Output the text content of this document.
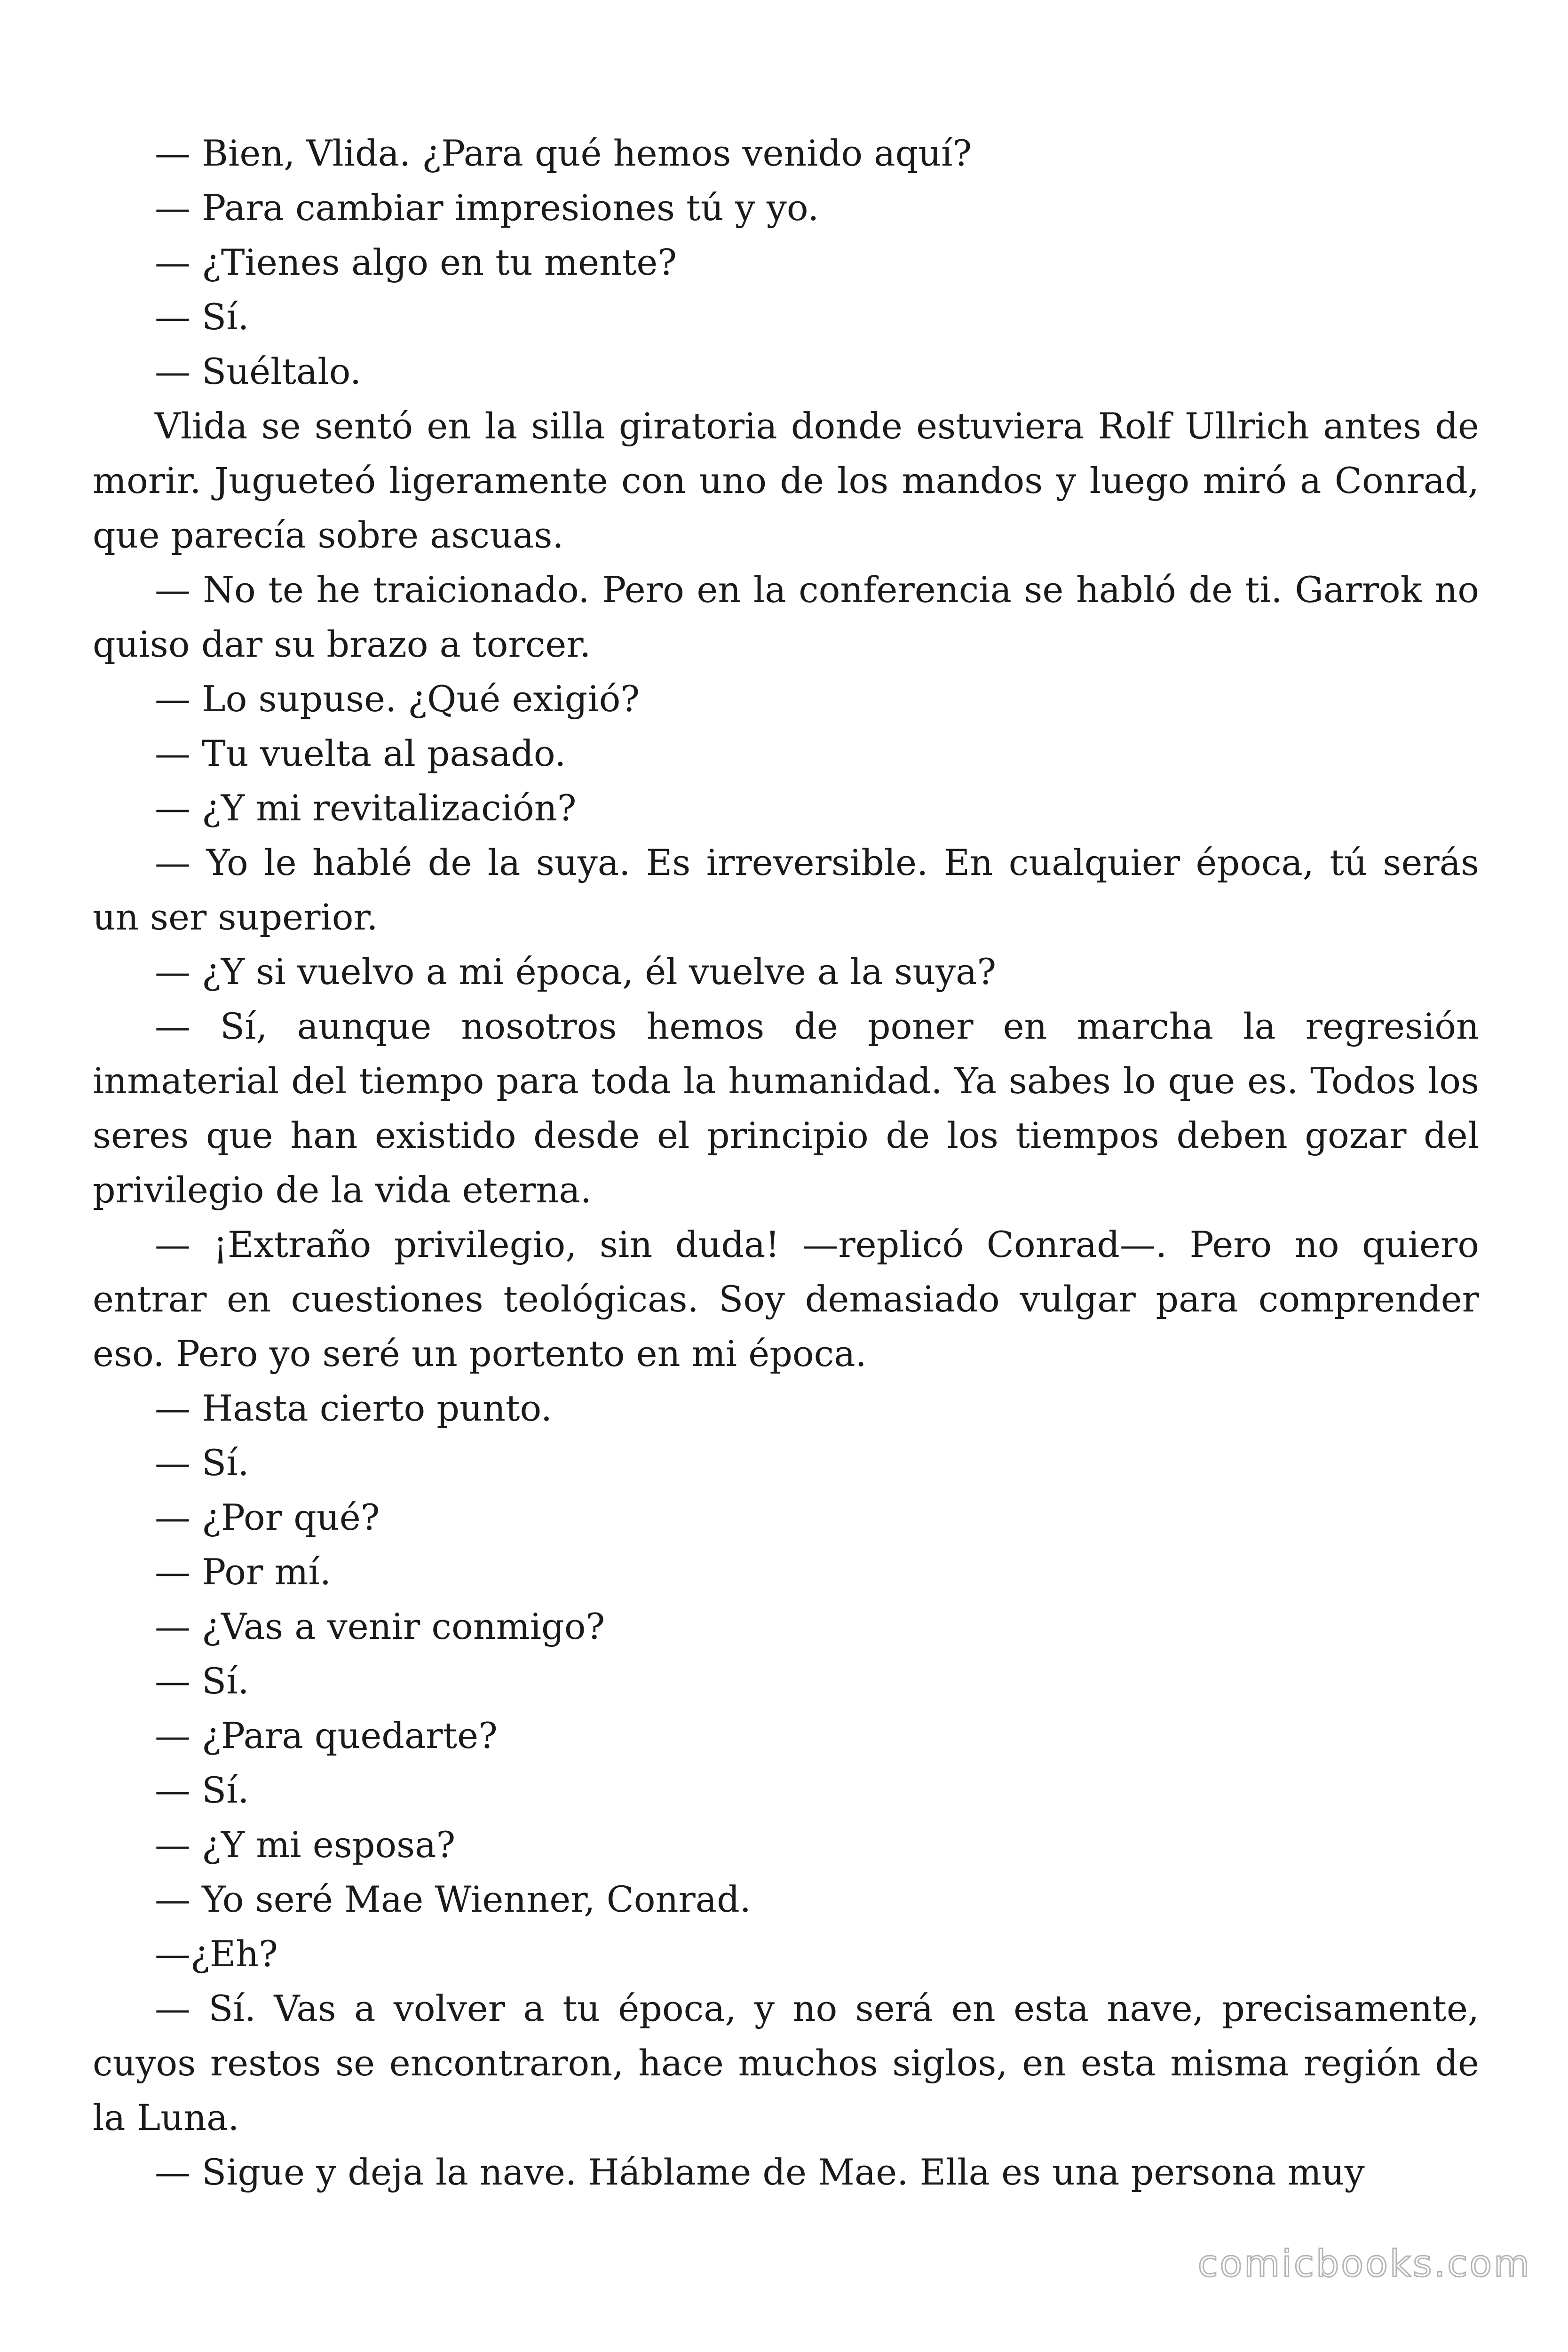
— Bien, Vlida. ¿Para qué hemos venido aquí?

— Para cambiar impresiones tú y yo.

— ¿Tienes algo en tu mente?

— Sí.

— Suéltalo.

Vlida se sentó en la silla giratoria donde estuviera Rolf Ullrich antes de morir. Jugueteó ligeramente con uno de los mandos y luego miró a Conrad, que parecía sobre ascuas.

— No te he traicionado. Pero en la conferencia se habló de ti. Garrok no quiso dar su brazo a torcer.

— Lo supuse. ¿Qué exigió?

— Tu vuelta al pasado.

— ¿Y mi revitalización?

— Yo le hablé de la suya. Es irreversible. En cualquier época, tú serás un ser superior.

— ¿Y si vuelvo a mi época, él vuelve a la suya?

— Sí, aunque nosotros hemos de poner en marcha la regresión inmaterial del tiempo para toda la humanidad. Ya sabes lo que es. Todos los seres que han existido desde el principio de los tiempos deben gozar del privilegio de la vida eterna.

— ¡Extraño privilegio, sin duda! —replicó Conrad—. Pero no quiero entrar en cuestiones teológicas. Soy demasiado vulgar para comprender eso. Pero yo seré un portento en mi época.

— Hasta cierto punto.

— Sí.

— ¿Por qué?

— Por mí.

— ¿Vas a venir conmigo?

— Sí.

— ¿Para quedarte?

— Sí.

— ¿Y mi esposa?

— Yo seré Mae Wienner, Conrad.

—¿Eh?

— Sí. Vas a volver a tu época, y no será en esta nave, precisamente, cuyos restos se encontraron, hace muchos siglos, en esta misma región de la Luna.

— Sigue y deja la nave. Háblame de Mae. Ella es una persona muy

comicbooks.com
